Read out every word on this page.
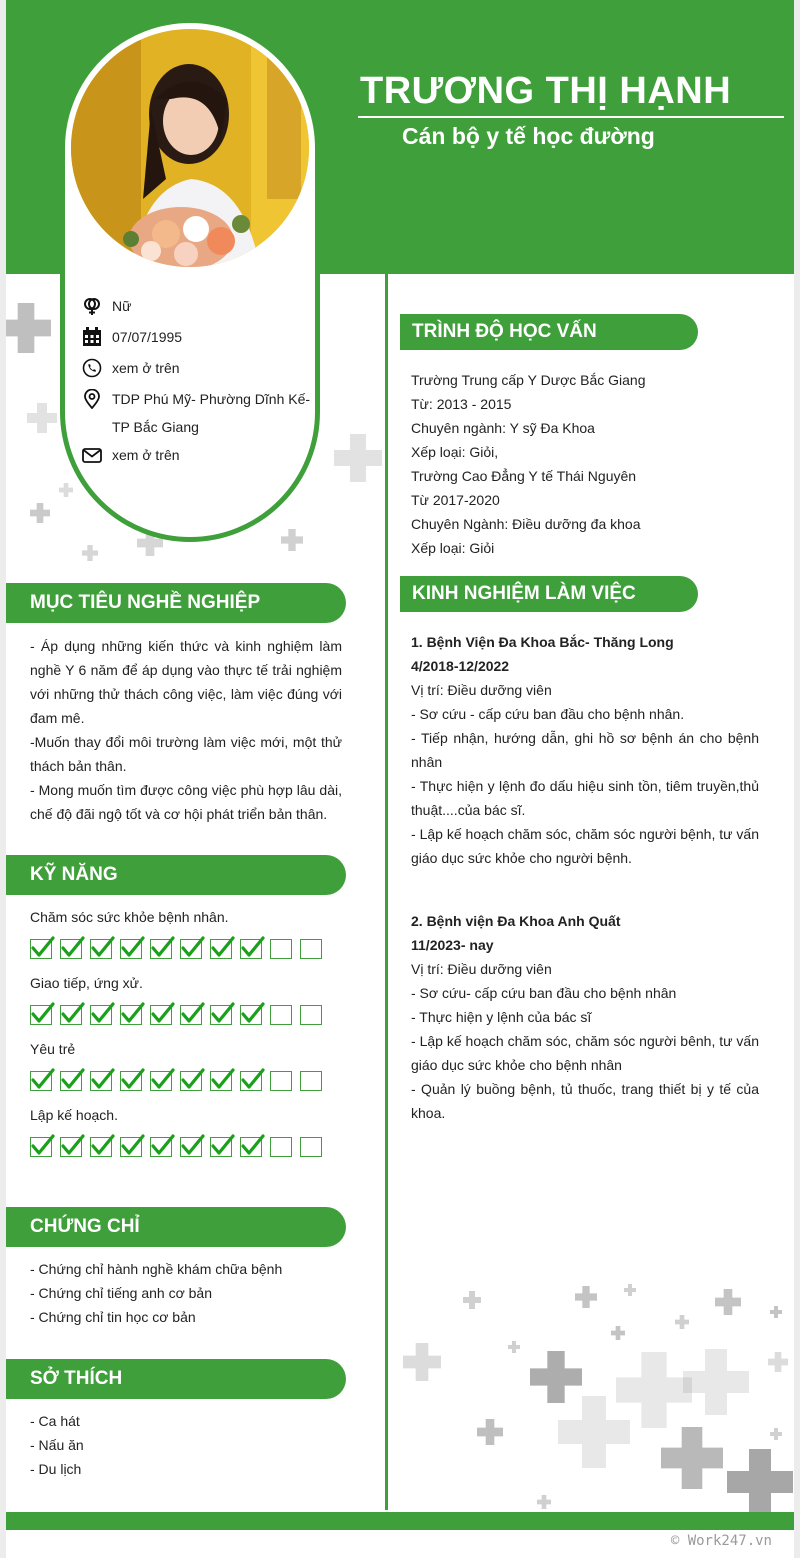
TRƯƠNG THỊ HẠNH
Cán bộ y tế học đường
Nữ
07/07/1995
xem ở trên
TDP Phú Mỹ- Phường Dĩnh Kế- TP Bắc Giang
xem ở trên
MỤC TIÊU NGHỀ NGHIỆP

- Áp dụng những kiến thức và kinh nghiệm làm nghề Y 6 năm để áp dụng vào thực tế trải nghiệm với những thử thách công việc, làm việc đúng với đam mê.

-Muốn thay đổi môi trường làm việc mới, một thử thách bản thân.

- Mong muốn tìm được công việc phù hợp lâu dài, chế độ đãi ngộ tốt và cơ hội phát triển bản thân.

KỸ NĂNG
Chăm sóc sức khỏe bệnh nhân.
Giao tiếp, ứng xử.
Yêu trẻ
Lập kế hoạch.
CHỨNG CHỈ

- Chứng chỉ hành nghề khám chữa bệnh

- Chứng chỉ tiếng anh cơ bản

- Chứng chỉ tin học cơ bản

SỞ THÍCH

- Ca hát

- Nấu ăn

- Du lịch

TRÌNH ĐỘ HỌC VẤN

Trường Trung cấp Y Dược Bắc Giang

Từ: 2013 - 2015

Chuyên ngành: Y sỹ Đa Khoa

Xếp loại: Giỏi,

Trường Cao Đẳng Y tế Thái Nguyên

Từ 2017-2020

Chuyên Ngành: Điều dưỡng đa khoa

Xếp loại: Giỏi

KINH NGHIỆM LÀM VIỆC

1. Bệnh Viện Đa Khoa Bắc- Thăng Long

4/2018-12/2022

Vị trí: Điều dưỡng viên

- Sơ cứu - cấp cứu ban đầu cho bệnh nhân.

- Tiếp nhận, hướng dẫn, ghi hồ sơ bệnh án cho bệnh nhân

- Thực hiện y lệnh đo dấu hiệu sinh tồn, tiêm truyền,thủ thuật....của bác sĩ.

- Lập kế hoạch chăm sóc, chăm sóc người bệnh, tư vấn giáo dục sức khỏe cho người bệnh.

2. Bệnh viện Đa Khoa Anh Quất

11/2023- nay

Vị trí: Điều dưỡng viên

- Sơ cứu- cấp cứu ban đầu cho bệnh nhân

- Thực hiện y lệnh của bác sĩ

- Lập kế hoạch chăm sóc, chăm sóc người bênh, tư vấn giáo dục sức khỏe cho bệnh nhân

- Quản lý buồng bệnh, tủ thuốc, trang thiết bị y tế của khoa.

© Work247.vn
